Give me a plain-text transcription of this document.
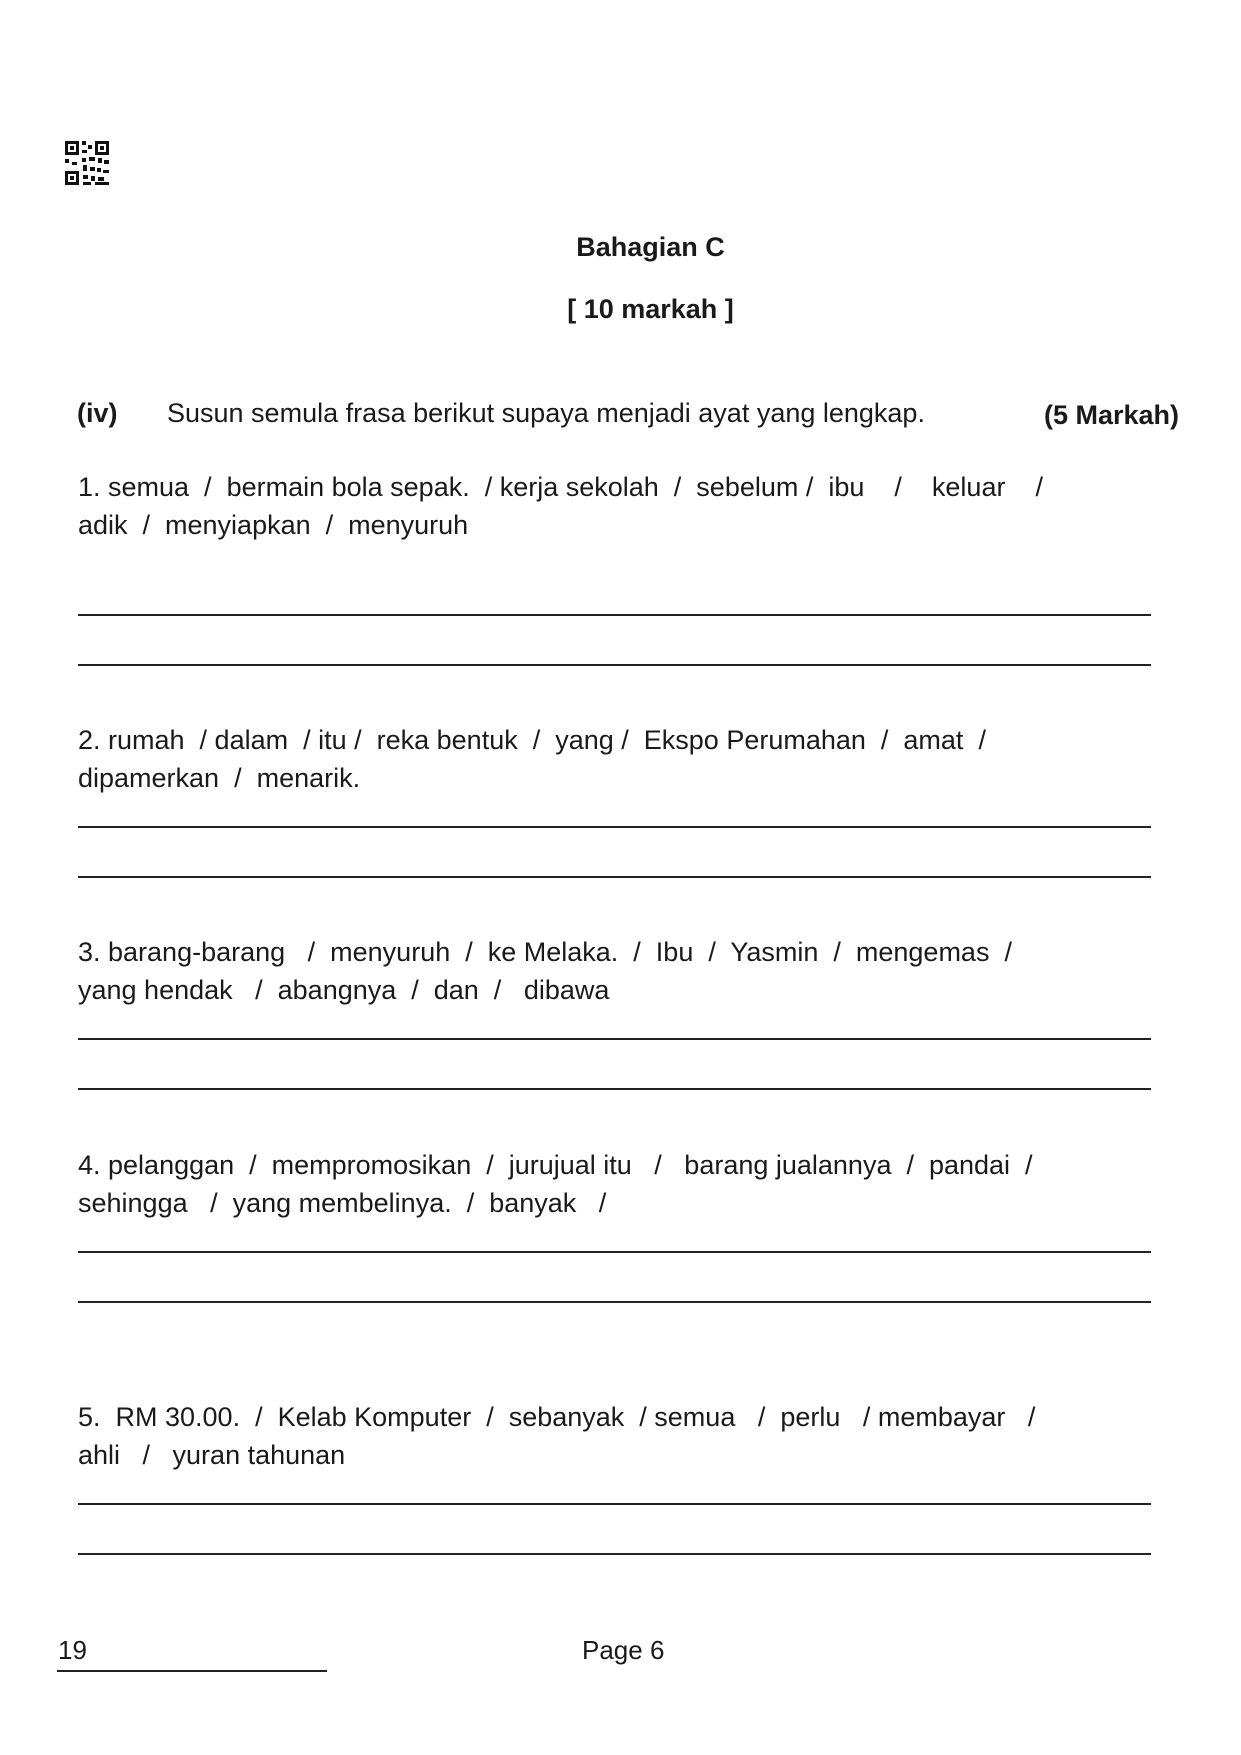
Bahagian C
[ 10 markah ]
(iv) Susun semula frasa berikut supaya menjadi ayat yang lengkap.	(5 Markah)
1. semua  /  bermain bola sepak.  / kerja sekolah  /  sebelum /  ibu    /    keluar    /
adik  /  menyiapkan  /  menyuruh
2. rumah  / dalam  / itu /  reka bentuk  /  yang /  Ekspo Perumahan  /  amat  /
dipamerkan  /  menarik.
3. barang-barang   /  menyuruh  /  ke Melaka.  /  Ibu  /  Yasmin  /  mengemas  /
yang hendak   /  abangnya  /  dan  /   dibawa
4. pelanggan  /  mempromosikan  /  jurujual itu   /   barang jualannya  /  pandai  /
sehingga   /  yang membelinya.  /  banyak   /
5.  RM 30.00.  /  Kelab Komputer  /  sebanyak  / semua   /  perlu   / membayar   /
ahli   /   yuran tahunan
19	Page 6
